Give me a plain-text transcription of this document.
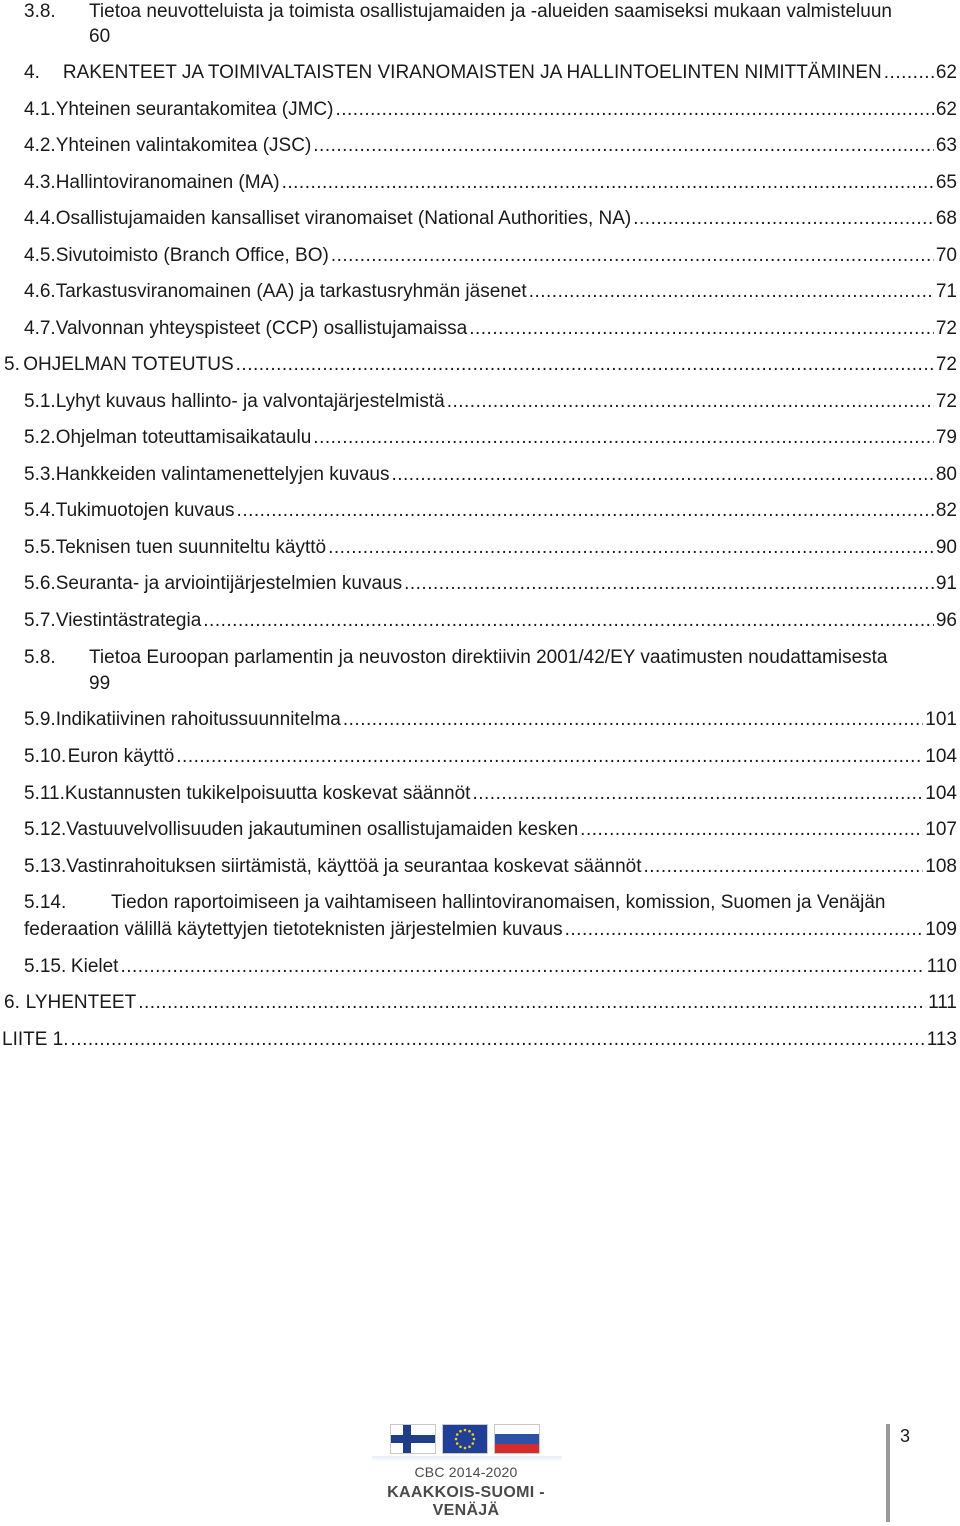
3.8. Tietoa neuvotteluista ja toimista osallistujamaiden ja -alueiden saamiseksi mukaan valmisteluun
60
4.	RAKENTEET JA TOIMIVALTAISTEN VIRANOMAISTEN JA HALLINTOELINTEN NIMITTÄMINEN .....	62
4.1. Yhteinen seurantakomitea (JMC) .....	62
4.2. Yhteinen valintakomitea (JSC) .....	63
4.3. Hallintoviranomainen (MA) .....	65
4.4. Osallistujamaiden kansalliset viranomaiset (National Authorities, NA) .....	68
4.5. Sivutoimisto (Branch Office, BO) .....	70
4.6. Tarkastusviranomainen (AA) ja tarkastusryhmän jäsenet .....	71
4.7. Valvonnan yhteyspisteet (CCP) osallistujamaissa .....	72
5. OHJELMAN TOTEUTUS .....	72
5.1. Lyhyt kuvaus hallinto- ja valvontajärjestelmistä .....	72
5.2. Ohjelman toteuttamisaikataulu .....	79
5.3. Hankkeiden valintamenettelyjen kuvaus .....	80
5.4. Tukimuotojen kuvaus .....	82
5.5. Teknisen tuen suunniteltu käyttö .....	90
5.6. Seuranta- ja arviointijärjestelmien kuvaus .....	91
5.7. Viestintästrategia .....	96
5.8. Tietoa Euroopan parlamentin ja neuvoston direktiivin 2001/42/EY vaatimusten noudattamisesta
99
5.9. Indikatiivinen rahoitussuunnitelma .....	101
5.10. Euron käyttö .....	104
5.11. Kustannusten tukikelpoisuutta koskevat säännöt .....	104
5.12. Vastuuvelvollisuuden jakautuminen osallistujamaiden kesken .....	107
5.13. Vastinrahoituksen siirtämistä, käyttöä ja seurantaa koskevat säännöt .....	108
5.14. Tiedon raportoimiseen ja vaihtamiseen hallintoviranomaisen, komission, Suomen ja Venäjän
federaation välillä käytettyjen tietoteknisten järjestelmien kuvaus .....	109
5.15. Kielet .....	110
6. LYHENTEET .....	111
LIITE 1. .....	113
CBC 2014-2020
KAAKKOIS-SUOMI - VENÄJÄ
3
